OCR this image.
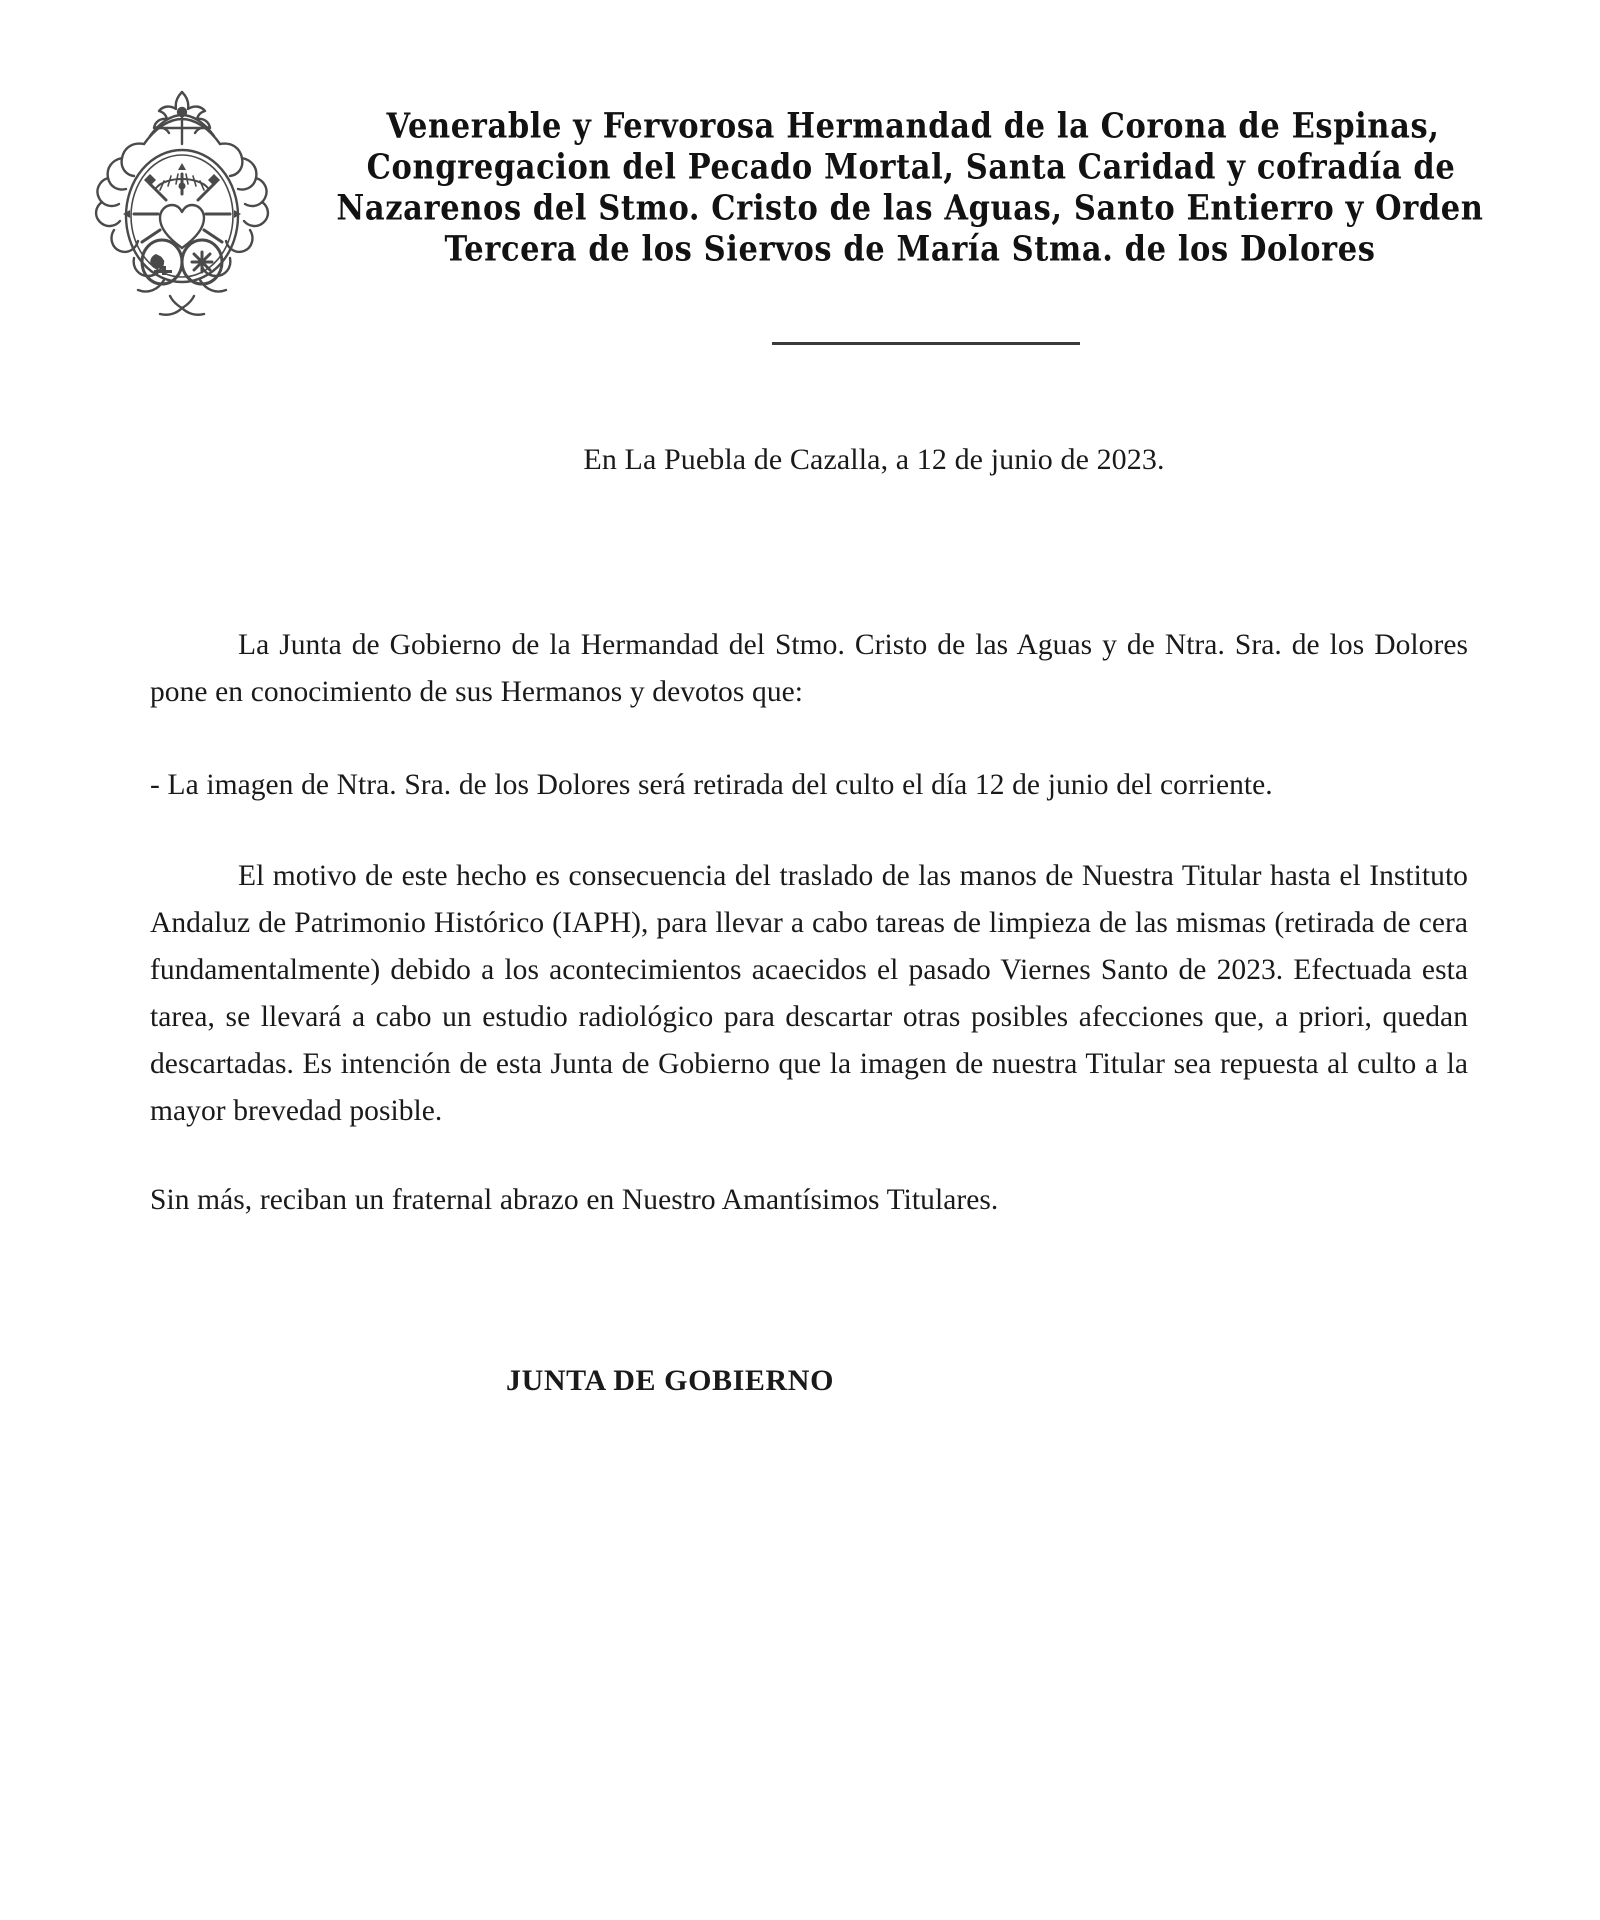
Venerable y Fervorosa Hermandad de la Corona de Espinas,
Congregacion del Pecado Mortal, Santa Caridad y cofradía de
Nazarenos del Stmo. Cristo de las Aguas, Santo Entierro y Orden
Tercera de los Siervos de María Stma. de los Dolores

En La Puebla de Cazalla, a 12 de junio de 2023.

La Junta de Gobierno de la Hermandad del Stmo. Cristo de las Aguas y de Ntra. Sra. de los Dolores pone en conocimiento de sus Hermanos y devotos que:

- La imagen de Ntra. Sra. de los Dolores será retirada del culto el día 12 de junio del corriente.

El motivo de este hecho es consecuencia del traslado de las manos de Nuestra Titular hasta el Instituto Andaluz de Patrimonio Histórico (IAPH), para llevar a cabo tareas de limpieza de las mismas (retirada de cera fundamentalmente) debido a los acontecimientos acaecidos el pasado Viernes Santo de 2023. Efectuada esta tarea, se llevará a cabo un estudio radiológico para descartar otras posibles afecciones que, a priori, quedan descartadas. Es intención de esta Junta de Gobierno que la imagen de nuestra Titular sea repuesta al culto a la mayor brevedad posible.

Sin más, reciban un fraternal abrazo en Nuestro Amantísimos Titulares.

JUNTA DE GOBIERNO
